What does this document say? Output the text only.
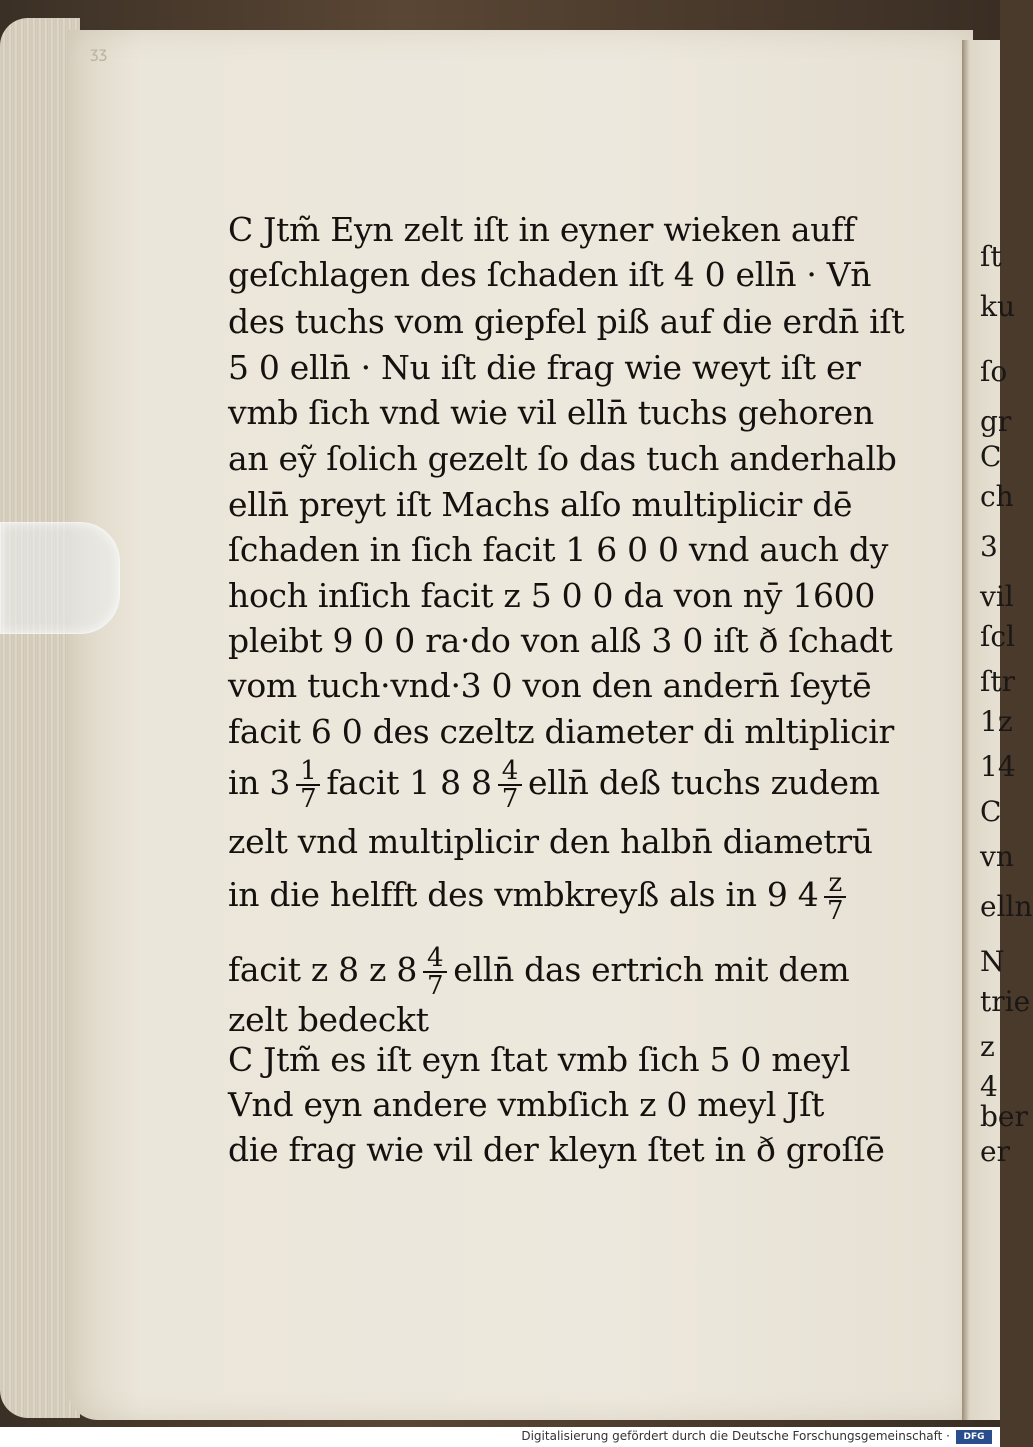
ʒʒ
ſt
ku
ſo
gr
C
ch
3
vil
ſcl
ſtr
1z
14
C
vn
elln
N
trie
z
4
ber
er
C Jtm̃ Eyn zelt iſt in eyner wieken auff
geſchlagen des ſchaden iſt 4 0 elln̄ · Vn̄
des tuchs vom giepfel piß auf die erdn̄ iſt
5 0 elln̄ · Nu iſt die frag wie weyt iſt er
vmb ſich vnd wie vil elln̄ tuchs gehoren
an eỹ ſolich gezelt ſo das tuch anderhalb
elln̄ preyt iſt Machs alſo multiplicir dē
ſchaden in ſich facit 1 6 0 0 vnd auch dy
hoch inſich facit z 5 0 0 da von nȳ 1600
pleibt 9 0 0 ra·do von alß 3 0 iſt ð ſchadt
vom tuch·vnd·3 0 von den andern̄ ſeytē
facit 6 0 des czeltz diameter di mltiplicir
in $3 \frac{1}{7}$ facit 1 8 $8 \frac{4}{7}$ elln̄ deß tuchs zudem
zelt vnd multiplicir den halbn̄ diametrū
in die helfft des vmbkreyß als in 9 $4 \frac{z}{7}$
facit z 8 z $8 \frac{4}{7}$ elln̄ das ertrich mit dem
zelt bedeckt
C Jtm̃ es iſt eyn ſtat vmb ſich 5 0 meyl
Vnd eyn andere vmbſich z 0 meyl Jſt
die frag wie vil der kleyn ſtet in ð groſſē
Digitalisierung gefördert durch die Deutsche Forschungsgemeinschaft ·	DFG
